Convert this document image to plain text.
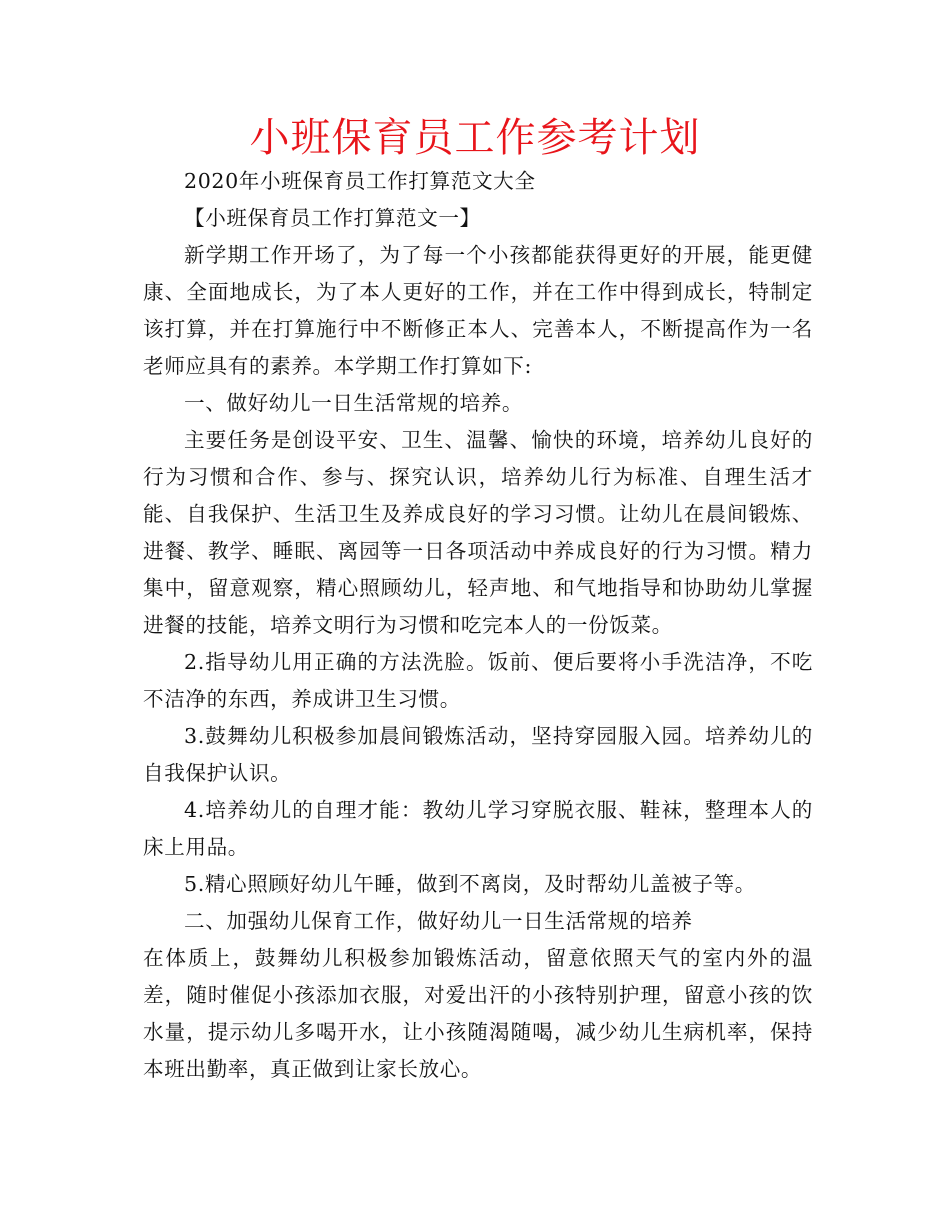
小班保育员工作参考计划

2020年小班保育员工作打算范文大全

【小班保育员工作打算范文一】

新学期工作开场了，为了每一个小孩都能获得更好的开展，能更健康、全面地成长，为了本人更好的工作，并在工作中得到成长，特制定该打算，并在打算施行中不断修正本人、完善本人，不断提高作为一名老师应具有的素养。本学期工作打算如下:

一、做好幼儿一日生活常规的培养。

主要任务是创设平安、卫生、温馨、愉快的环境，培养幼儿良好的行为习惯和合作、参与、探究认识，培养幼儿行为标准、自理生活才能、自我保护、生活卫生及养成良好的学习习惯。让幼儿在晨间锻炼、进餐、教学、睡眠、离园等一日各项活动中养成良好的行为习惯。精力集中，留意观察，精心照顾幼儿，轻声地、和气地指导和协助幼儿掌握进餐的技能，培养文明行为习惯和吃完本人的一份饭菜。

2.指导幼儿用正确的方法洗脸。饭前、便后要将小手洗洁净，不吃不洁净的东西，养成讲卫生习惯。

3.鼓舞幼儿积极参加晨间锻炼活动，坚持穿园服入园。培养幼儿的自我保护认识。

4.培养幼儿的自理才能：教幼儿学习穿脱衣服、鞋袜，整理本人的床上用品。

5.精心照顾好幼儿午睡，做到不离岗，及时帮幼儿盖被子等。

二、加强幼儿保育工作，做好幼儿一日生活常规的培养

在体质上，鼓舞幼儿积极参加锻炼活动，留意依照天气的室内外的温差，随时催促小孩添加衣服，对爱出汗的小孩特别护理，留意小孩的饮水量，提示幼儿多喝开水，让小孩随渴随喝，减少幼儿生病机率，保持本班出勤率，真正做到让家长放心。
